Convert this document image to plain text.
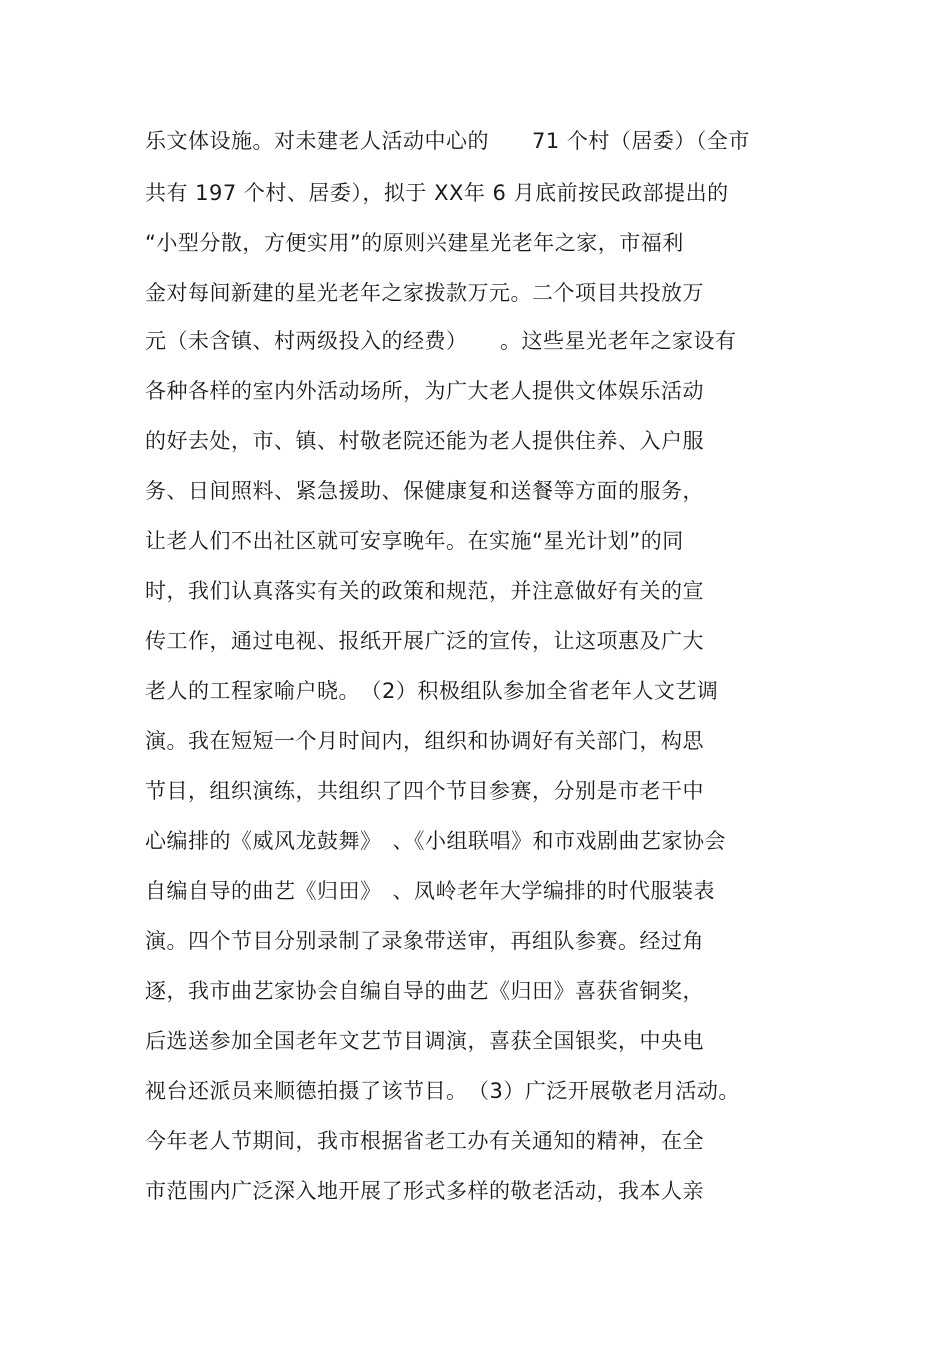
乐文体设施。对未建老人活动中心的　　71 个村（居委）（全市
共有 197 个村、居委），拟于 XX年 6 月底前按民政部提出的
“小型分散，方便实用”的原则兴建星光老年之家，市福利
金对每间新建的星光老年之家拨款万元。二个项目共投放万
元（未含镇、村两级投入的经费）　　。这些星光老年之家设有
各种各样的室内外活动场所，为广大老人提供文体娱乐活动
的好去处，市、镇、村敬老院还能为老人提供住养、入户服
务、日间照料、紧急援助、保健康复和送餐等方面的服务，
让老人们不出社区就可安享晚年。在实施“星光计划”的同
时，我们认真落实有关的政策和规范，并注意做好有关的宣
传工作，通过电视、报纸开展广泛的宣传，让这项惠及广大
老人的工程家喻户晓。　（2）积极组队参加全省老年人文艺调
演。我在短短一个月时间内，组织和协调好有关部门，构思
节目，组织演练，共组织了四个节目参赛，分别是市老干中
心编排的《威风龙鼓舞》　、《小组联唱》和市戏剧曲艺家协会
自编自导的曲艺《归田》　、凤岭老年大学编排的时代服装表
演。四个节目分别录制了录象带送审，再组队参赛。经过角
逐，我市曲艺家协会自编自导的曲艺《归田》喜获省铜奖，
后选送参加全国老年文艺节目调演，喜获全国银奖，中央电
视台还派员来顺德拍摄了该节目。　（3）广泛开展敬老月活动。
今年老人节期间，我市根据省老工办有关通知的精神，在全
市范围内广泛深入地开展了形式多样的敬老活动，我本人亲
